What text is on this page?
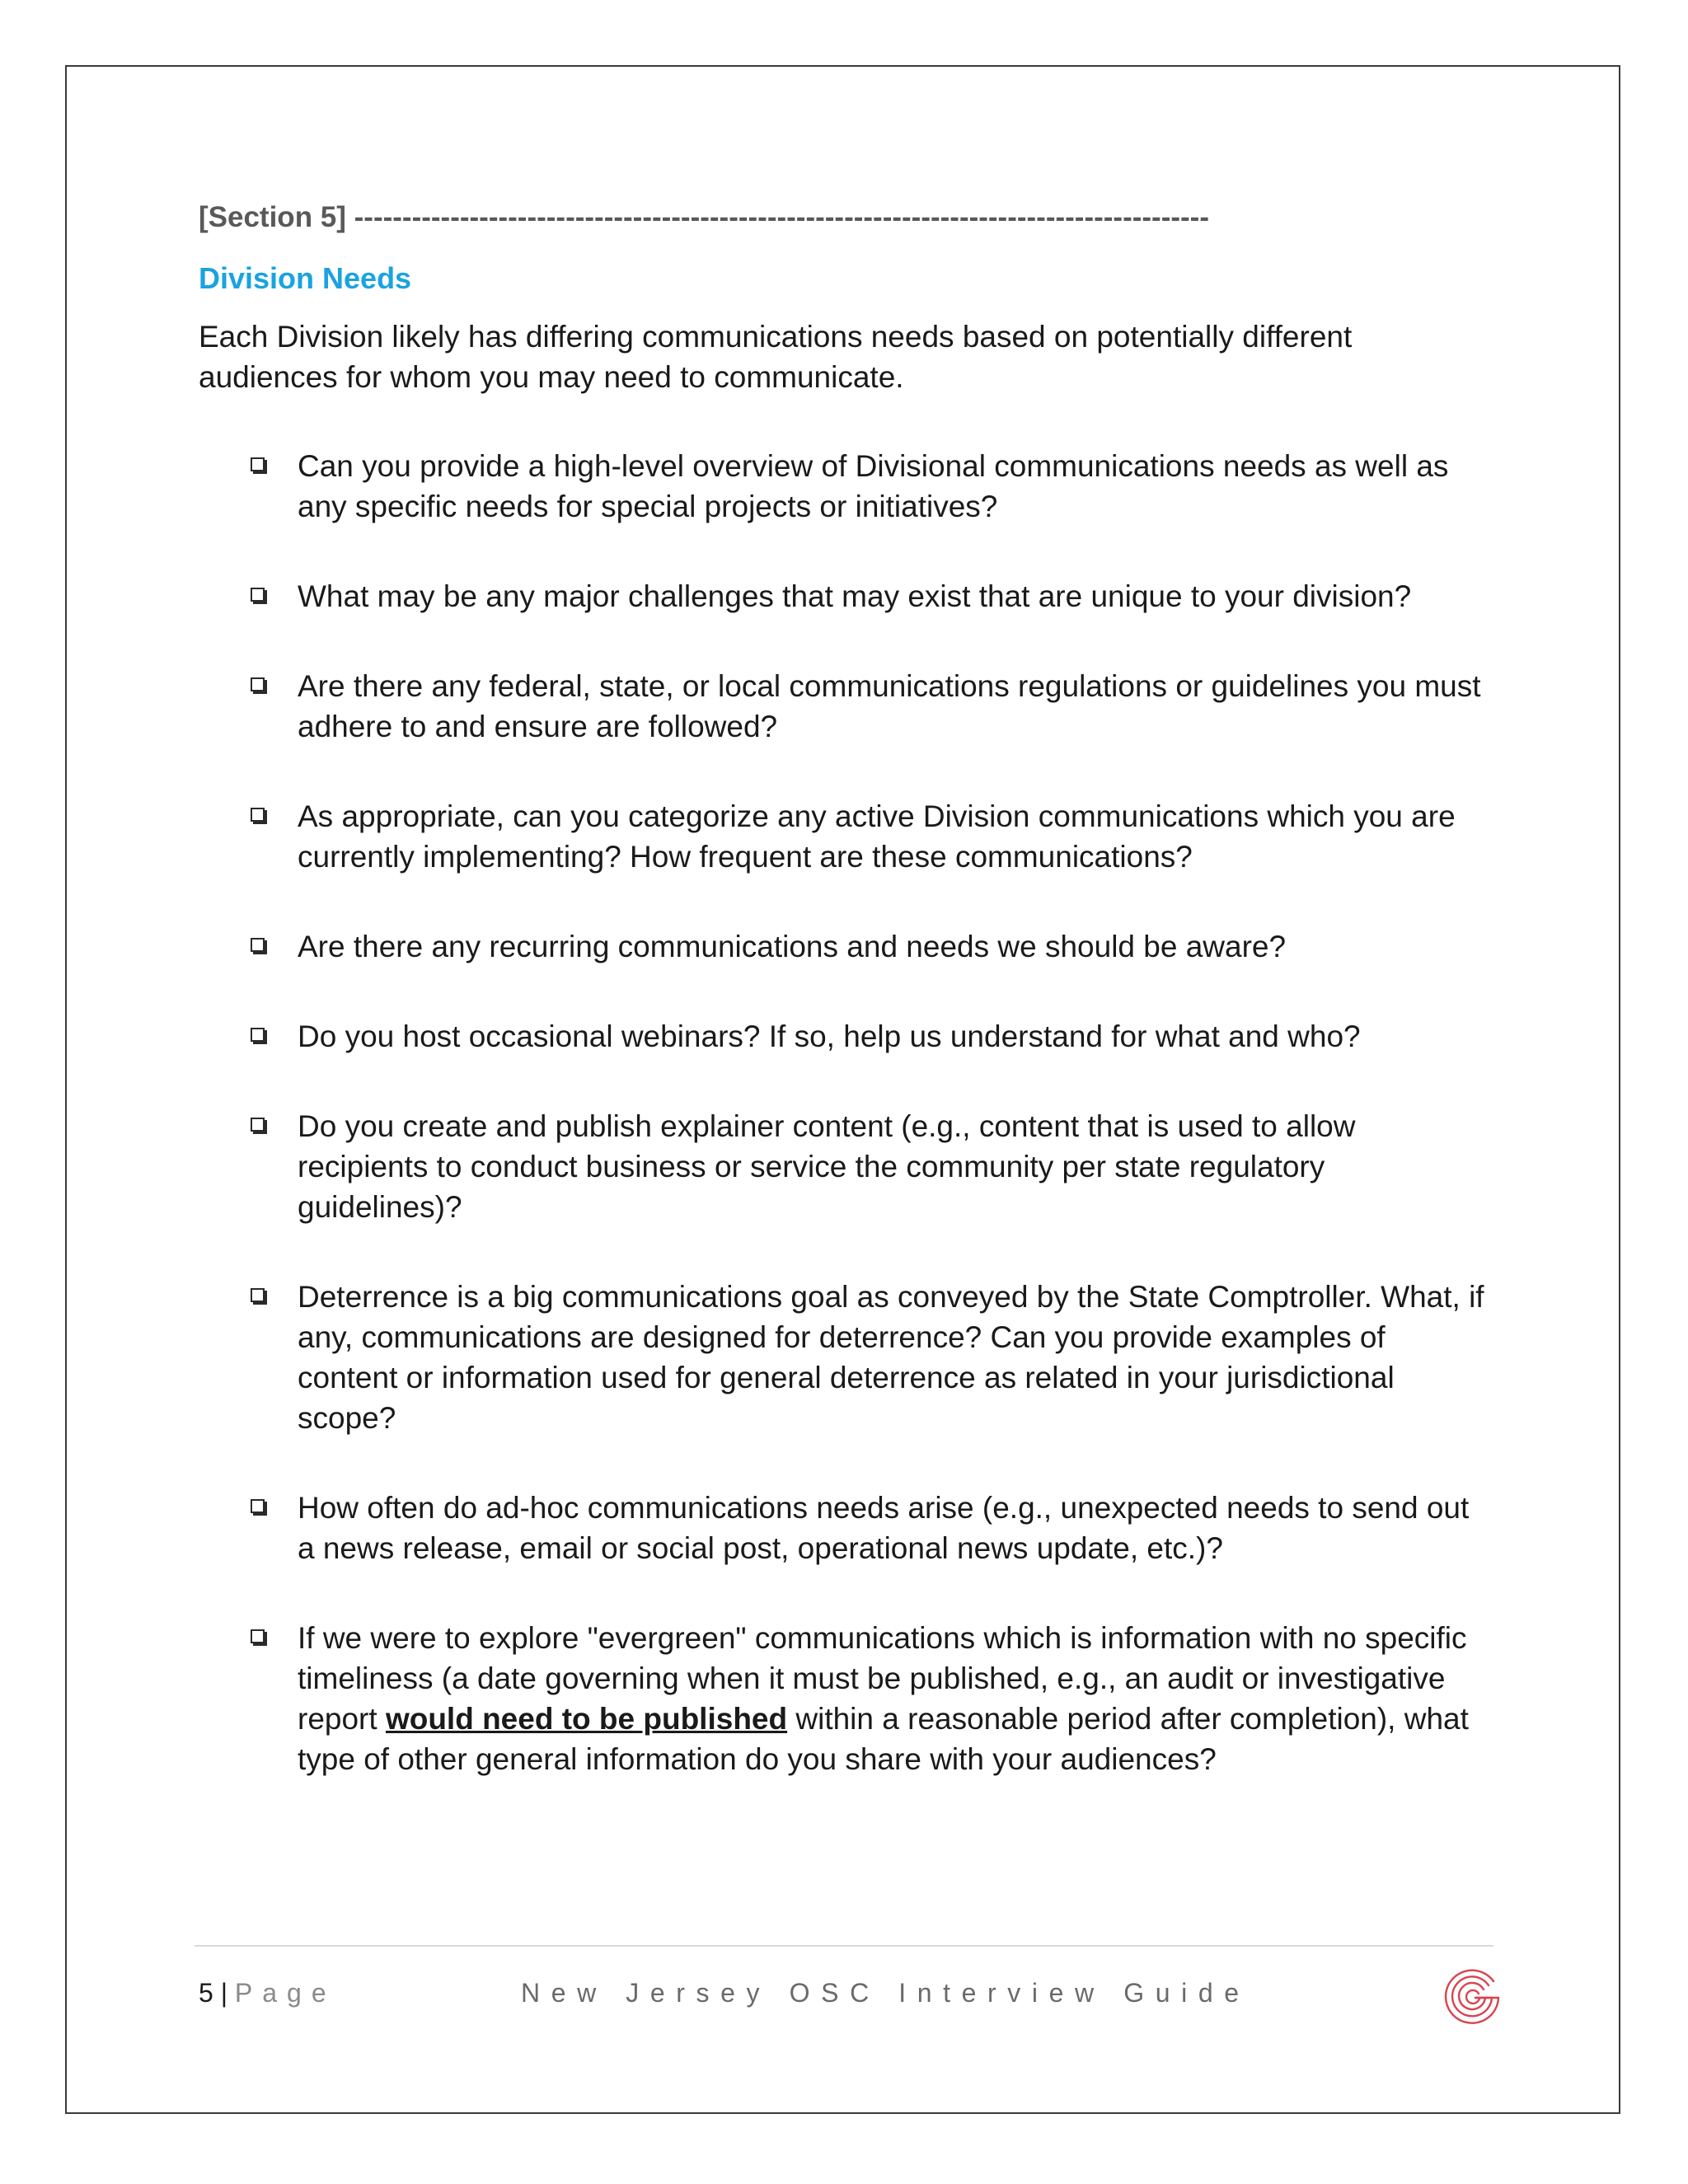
[Section 5] -----------------------------------------------------------------------------------------
Division Needs

Each Division likely has differing communications needs based on potentially different audiences for whom you may need to communicate.

Can you provide a high-level overview of Divisional communications needs as well as any specific needs for special projects or initiatives?
What may be any major challenges that may exist that are unique to your division?
Are there any federal, state, or local communications regulations or guidelines you must adhere to and ensure are followed?
As appropriate, can you categorize any active Division communications which you are currently implementing? How frequent are these communications?
Are there any recurring communications and needs we should be aware?
Do you host occasional webinars? If so, help us understand for what and who?
Do you create and publish explainer content (e.g., content that is used to allow recipients to conduct business or service the community per state regulatory guidelines)?
Deterrence is a big communications goal as conveyed by the State Comptroller. What, if any, communications are designed for deterrence? Can you provide examples of content or information used for general deterrence as related in your jurisdictional scope?
How often do ad-hoc communications needs arise (e.g., unexpected needs to send out a news release, email or social post, operational news update, etc.)?
If we were to explore "evergreen" communications which is information with no specific timeliness (a date governing when it must be published, e.g., an audit or investigative report would need to be published within a reasonable period after completion), what type of other general information do you share with your audiences?
5 | Page	New Jersey OSC Interview Guide
